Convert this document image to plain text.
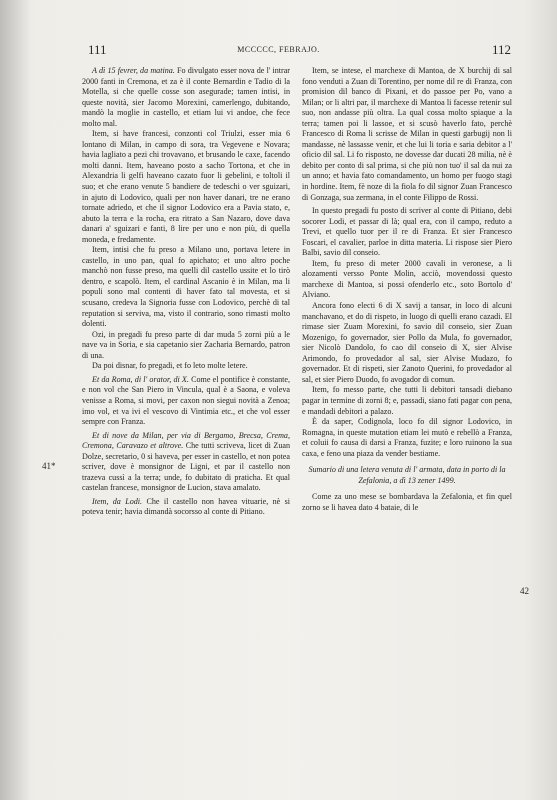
111	MCCCCC, FEBRAJO.	112
41*
42

A dì 15 fevrer, da matina. Fo divulgato esser nova de l' intrar 2000 fanti in Cremona, et za è il conte Bernardin e Tadio di la Motella, si che quelle cosse son asegurade; tamen intisi, in queste novità, sier Jacomo Morexini, camerlengo, dubitando, mandò la moglie in castello, et etiam lui vi andoe, che fece molto mal.

Item, si have francesi, conzonti col Triulzi, esser mia 6 lontano di Milan, in campo di sora, tra Vegevene e Novara; havia lagliato a pezi chi trovavano, et brusando le caxe, facendo molti danni. Item, haveano posto a sacho Tortona, et che in Alexandria li gelfi haveano cazato fuor li gebelini, e toltoli il suo; et che erano venute 5 bandiere de tedeschi o ver sguizari, in ajuto di Lodovico, quali per non haver danari, tre ne erano tornate adriedo, et che il signor Lodovico era a Pavia stato, e, abuto la terra e la rocha, era ritrato a San Nazaro, dove dava danari a' sguizari e fanti, 8 lire per uno e non più, di quella moneda, e fredamente.

Item, intisi che fu preso a Milano uno, portava letere in castello, in uno pan, qual fo apichato; et uno altro poche manchò non fusse preso, ma quelli dil castello ussite et lo tirò dentro, e scapolò. Item, el cardinal Ascanio è in Milan, ma li populi sono mal contenti di haver fato tal movesta, et si scusano, credeva la Signoria fusse con Lodovico, perchè di tal reputation si serviva, ma, visto il contrario, sono rimasti molto dolenti.

Ozi, in pregadi fu preso parte di dar muda 5 zorni più a le nave va in Soria, e sia capetanio sier Zacharia Bernardo, patron di una.

Da poi disnar, fo pregadi, et fo leto molte letere.

Et da Roma, di l' orator, di X. Come el pontifice è constante, e non vol che San Piero in Vincula, qual è a Saona, e voleva venisse a Roma, si movi, per caxon non siegui novità a Zenoa; imo vol, et va ivi el vescovo di Vintimia etc., et che vol esser sempre con Franza.

Et di nove da Milan, per via di Bergamo, Brecsa, Crema, Cremona, Caravazo et altrove. Che tutti scriveva, licet di Zuan Dolze, secretario, 0 si haveva, per esser in castello, et non potea scriver, dove è monsignor de Ligni, et par il castello non trazeva cussì a la terra; unde, fo dubitato di praticha. Et qual castelan francese, monsignor de Lucion, stava amalato.

Item, da Lodi. Che il castello non havea vituarie, nè si poteva tenir; havia dimandà socorsso al conte di Pitiano.

Item, se intese, el marchexe di Mantoa, de X burchij di sal fono venduti a Zuan di Torentino, per nome dil re di Franza, con promision dil banco di Pixani, et do passoe per Po, vano a Milan; or li altri par, il marchexe di Mantoa li facesse retenir sul suo, non andasse più oltra. La qual cossa molto spiaque a la terra; tamen poi li lassoe, et si scusò haverlo fato, perchè Francesco di Roma li scrisse de Milan in questi garbugij non li mandasse, nè lassasse venir, et che lui li toria e saria debitor a l' oficio dil sal. Li fo risposto, ne dovesse dar ducati 28 milia, nè è debito per conto di sal prima, si che più non tuo' il sal da nui za un anno; et havia fato comandamento, un homo per fuogo stagi in hordine. Item, fè noze di la fiola fo dil signor Zuan Francesco di Gonzaga, sua zermana, in el conte Filippo de Rossi.

In questo pregadi fu posto di scriver al conte di Pitiano, debi socorer Lodi, et passar di là; qual era, con il campo, reduto a Trevi, et quello tuor per il re di Franza. Et sier Francesco Foscari, el cavalier, parloe in ditta materia. Li rispose sier Piero Balbi, savio dil conseio.

Item, fu preso di meter 2000 cavali in veronese, a li alozamenti versso Ponte Molin, acciò, movendossi questo marchexe di Mantoa, si possi ofenderlo etc., soto Bortolo d' Alviano.

Ancora fono electi 6 di X savij a tansar, in loco di alcuni manchavano, et do di rispeto, in luogo di quelli erano cazadi. El rimase sier Zuam Morexini, fo savio dil conseio, sier Zuan Mozenigo, fo governador, sier Pollo da Mula, fo governador, sier Nicolò Dandolo, fo cao dil conseio di X, sier Alvise Arimondo, fo provedador al sal, sier Alvise Mudazo, fo governador. Et di rispeti, sier Zanoto Querini, fo provedador al sal, et sier Piero Duodo, fo avogador di comun.

Item, fo messo parte, che tutti li debitori tansadi diebano pagar in termine di zorni 8; e, passadi, siano fati pagar con pena, e mandadi debitori a palazo.

È da saper, Codignola, loco fo dil signor Lodovico, in Romagna, in queste mutation etiam lei mutò e rebellò a Franza, et coluii fo causa di darsi a Franza, fuzite; e loro ruinono la sua caxa, e feno una piaza da vender bestiame.

Sumario di una letera venuta di l' armata, data in porto di la Zefalonia, a dì 13 zener 1499.

Come za uno mese se bombardava la Zefalonia, et fin quel zorno se li havea dato 4 bataie, di le
